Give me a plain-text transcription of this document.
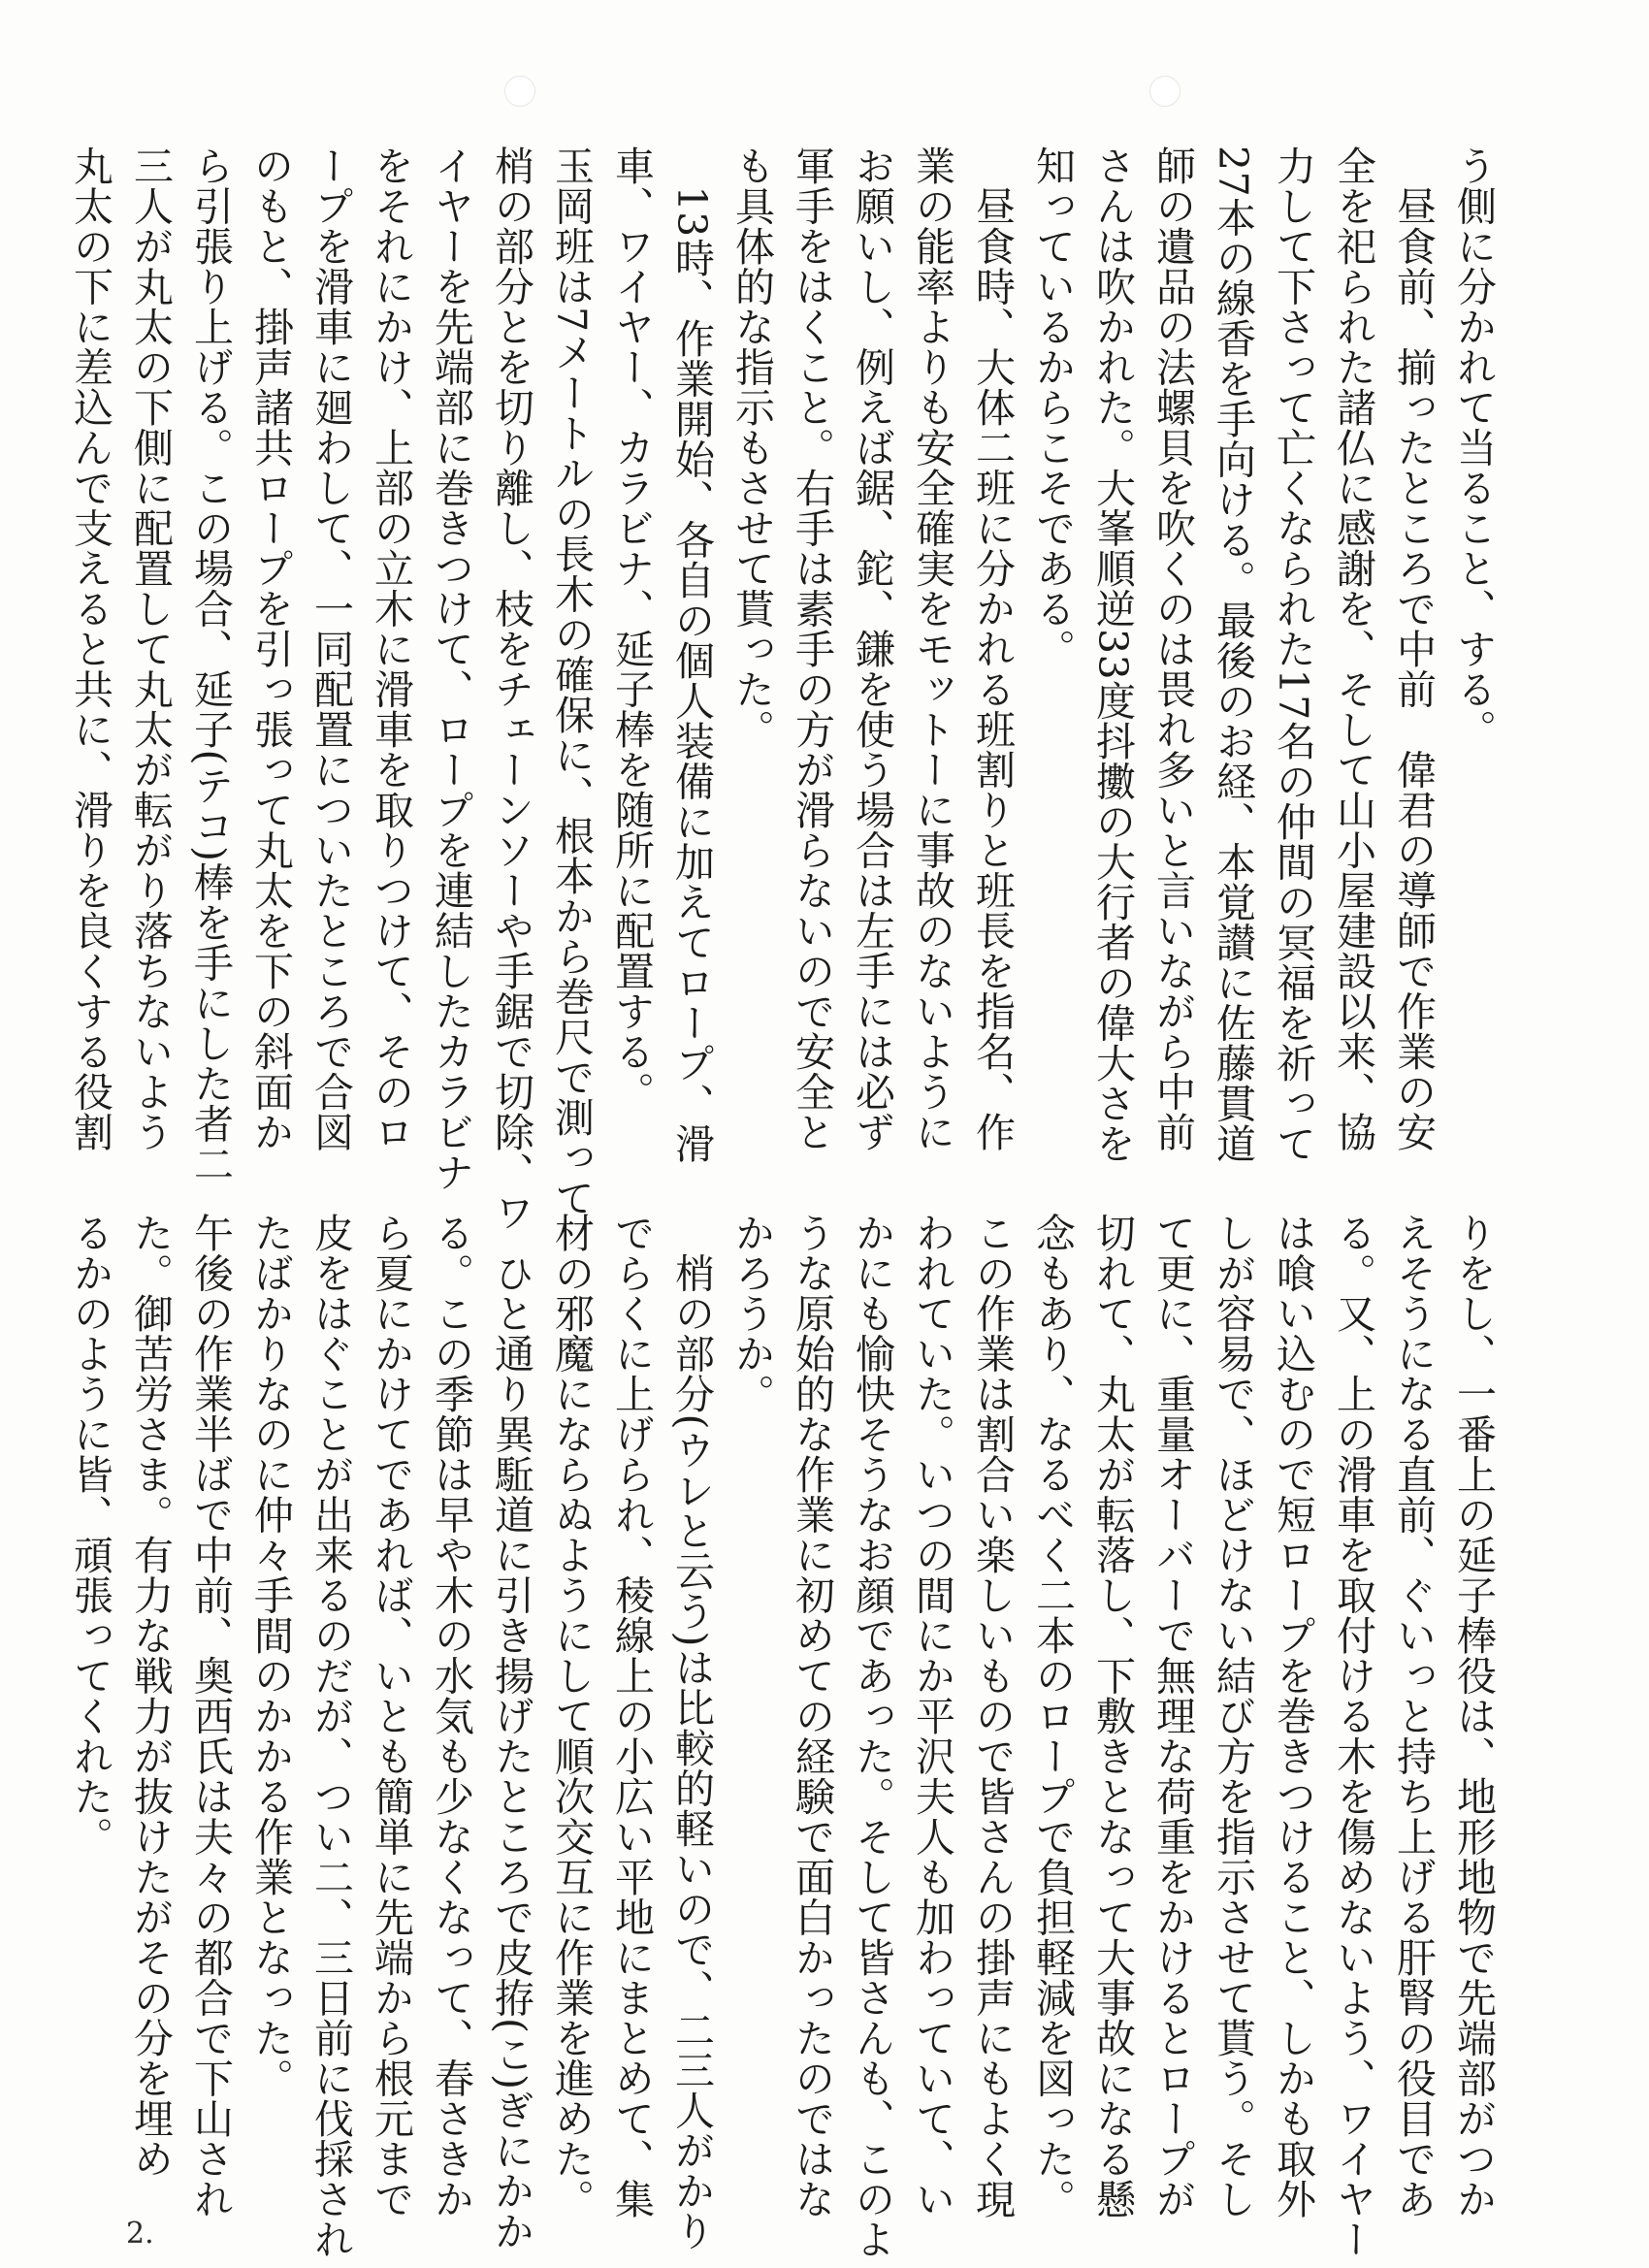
う側に分かれて当ること、する。
　昼食前、揃ったところで中前　偉君の導師で作業の安
全を祀られた諸仏に感謝を、そして山小屋建設以来、協
力して下さって亡くなられた17名の仲間の冥福を祈って
27本の線香を手向ける。最後のお経、本覚讃に佐藤貫道
師の遺品の法螺貝を吹くのは畏れ多いと言いながら中前
さんは吹かれた。大峯順逆33度抖擻の大行者の偉大さを
知っているからこそである。
　昼食時、大体二班に分かれる班割りと班長を指名、作
業の能率よりも安全確実をモットーに事故のないように
お願いし、例えば鋸、鉈、鎌を使う場合は左手には必ず
軍手をはくこと。右手は素手の方が滑らないので安全と
も具体的な指示もさせて貰った。
　13時、作業開始、各自の個人装備に加えてロープ、滑
車、ワイヤー、カラビナ、延子棒を随所に配置する。
玉岡班は7メートルの長木の確保に、根本から巻尺で測って
梢の部分とを切り離し、枝をチェーンソーや手鋸で切除、ワ
イヤーを先端部に巻きつけて、ロープを連結したカラビナ
をそれにかけ、上部の立木に滑車を取りつけて、そのロ
ープを滑車に廻わして、一同配置についたところで合図
のもと、掛声諸共ロープを引っ張って丸太を下の斜面か
ら引張り上げる。この場合、延子(テコ)棒を手にした者二
三人が丸太の下側に配置して丸太が転がり落ちないよう
丸太の下に差込んで支えると共に、滑りを良くする役割
りをし、一番上の延子棒役は、地形地物で先端部がつか
えそうになる直前、ぐいっと持ち上げる肝腎の役目であ
る。又、上の滑車を取付ける木を傷めないよう、ワイヤー
は喰い込むので短ロープを巻きつけること、しかも取外
しが容易で、ほどけない結び方を指示させて貰う。そし
て更に、重量オーバーで無理な荷重をかけるとロープが
切れて、丸太が転落し、下敷きとなって大事故になる懸
念もあり、なるべく二本のロープで負担軽減を図った。
この作業は割合い楽しいもので皆さんの掛声にもよく現
われていた。いつの間にか平沢夫人も加わっていて、い
かにも愉快そうなお顔であった。そして皆さんも、このよ
うな原始的な作業に初めての経験で面白かったのではな
かろうか。
　梢の部分(ウレと云う)は比較的軽いので、二三人がかり
でらくに上げられ、稜線上の小広い平地にまとめて、集
材の邪魔にならぬようにして順次交互に作業を進めた。
　ひと通り異駈道に引き揚げたところで皮拵(こ)ぎにかか
る。この季節は早や木の水気も少なくなって、春さきか
ら夏にかけてであれば、いとも簡単に先端から根元まで
皮をはぐことが出来るのだが、つい二、三日前に伐採され
たばかりなのに仲々手間のかかる作業となった。
午後の作業半ばで中前、奥西氏は夫々の都合で下山され
た。御苦労さま。有力な戦力が抜けたがその分を埋め
るかのように皆、頑張ってくれた。
2.
